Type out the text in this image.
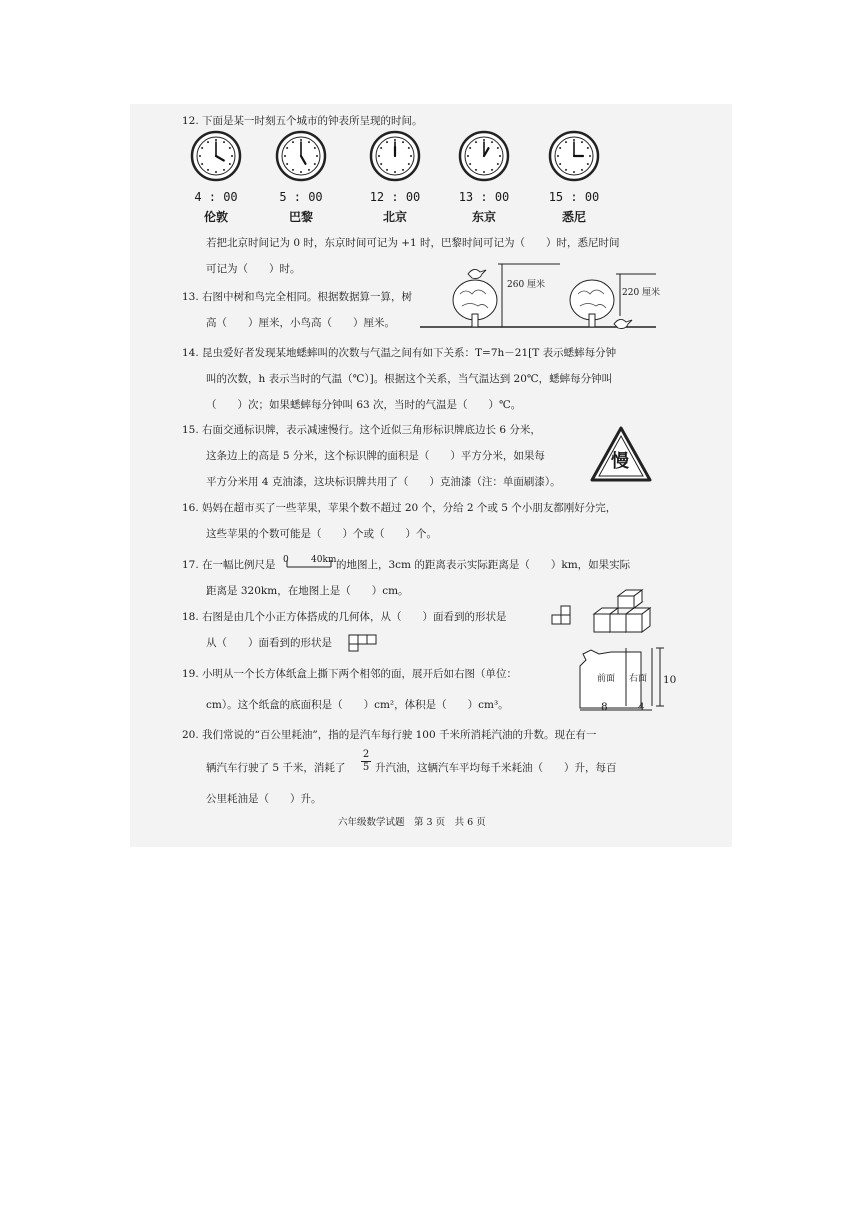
12. 下面是某一时刻五个城市的钟表所呈现的时间。
4 : 00
伦敦
5 : 00
巴黎
12 : 00
北京
13 : 00
东京
15 : 00
悉尼
若把北京时间记为 0 时，东京时间可记为 +1 时，巴黎时间可记为（　　）时，悉尼时间
可记为（　　）时。
13. 右图中树和鸟完全相同。根据数据算一算，树
高（　　）厘米，小鸟高（　　）厘米。
260 厘米
220 厘米
14. 昆虫爱好者发现某地蟋蟀叫的次数与气温之间有如下关系：T=7h－21[T 表示蟋蟀每分钟
叫的次数，h 表示当时的气温（℃）]。根据这个关系，当气温达到 20℃，蟋蟀每分钟叫
（　　）次；如果蟋蟀每分钟叫 63 次，当时的气温是（　　）℃。
15. 右面交通标识牌，表示减速慢行。这个近似三角形标识牌底边长 6 分米，
这条边上的高是 5 分米，这个标识牌的面积是（　　）平方分米，如果每
平方分米用 4 克油漆，这块标识牌共用了（　　）克油漆（注：单面刷漆）。
慢
16. 妈妈在超市买了一些苹果，苹果个数不超过 20 个，分给 2 个或 5 个小朋友都刚好分完，
这些苹果的个数可能是（　　）个或（　　）个。
17. 在一幅比例尺是 0 40km 的地图上，3cm 的距离表示实际距离是（　　）km，如果实际
距离是 320km，在地图上是（　　）cm。
18. 右图是由几个小正方体搭成的几何体，从（　　）面看到的形状是
从（　　）面看到的形状是
19. 小明从一个长方体纸盒上撕下两个相邻的面，展开后如右图（单位：
cm）。这个纸盒的底面积是（　　）cm²，体积是（　　）cm³。
前面 右面 10
8	4
20. 我们常说的“百公里耗油”，指的是汽车每行驶 100 千米所消耗汽油的升数。现在有一
辆汽车行驶了 5 千米，消耗了
2
5 升汽油，这辆汽车平均每千米耗油（　　）升，每百
公里耗油是（　　）升。
六年级数学试题　第 3 页　共 6 页
